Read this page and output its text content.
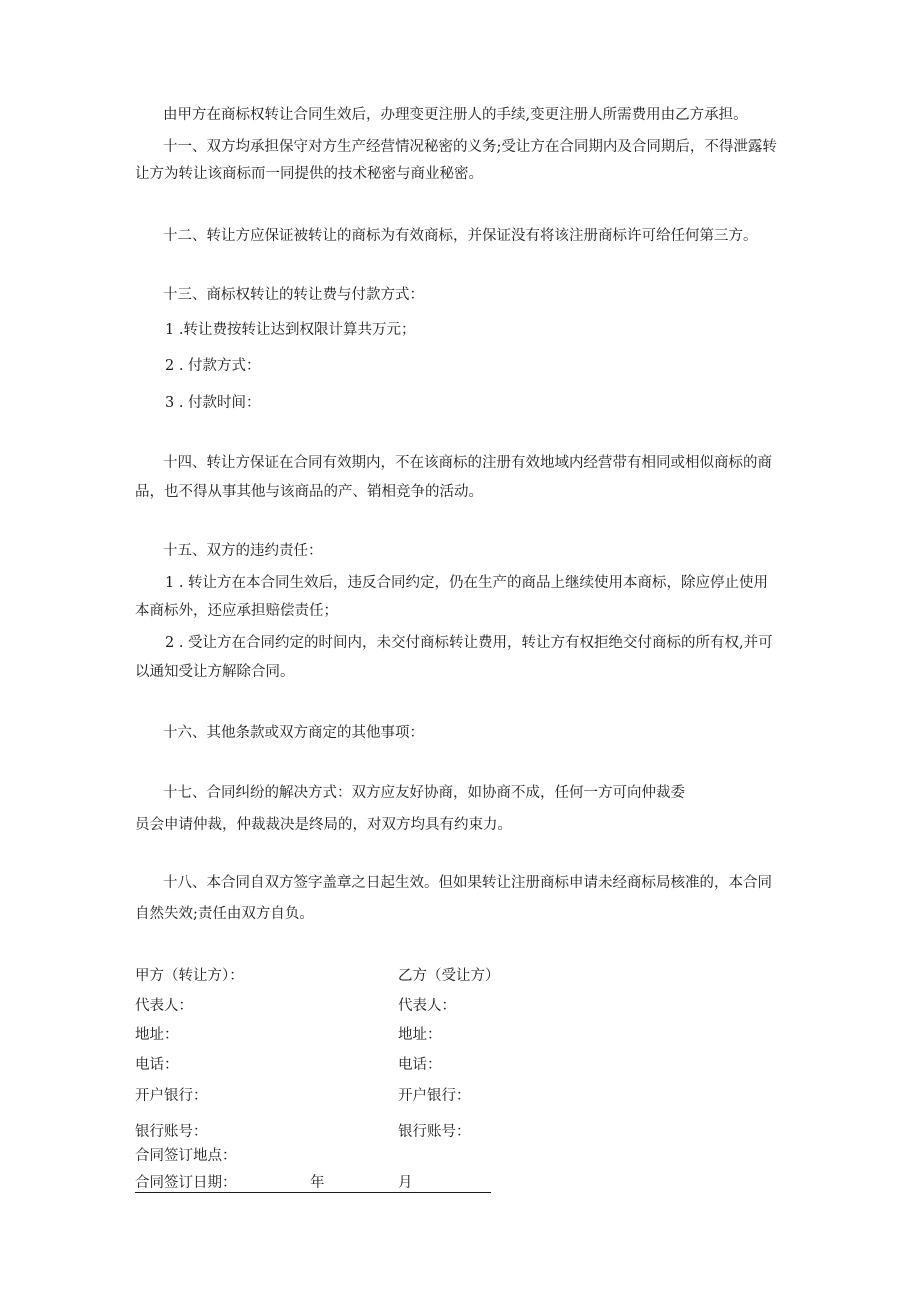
由甲方在商标权转让合同生效后，办理变更注册人的手续,变更注册人所需费用由乙方承担。
十一、双方均承担保守对方生产经营情况秘密的义务;受让方在合同期内及合同期后，不得泄露转
让方为转让该商标而一同提供的技术秘密与商业秘密。
十二、转让方应保证被转让的商标为有效商标，并保证没有将该注册商标许可给任何第三方。
十三、商标权转让的转让费与付款方式：
1 .转让费按转让达到权限计算共万元；
2 . 付款方式：
3 . 付款时间：
十四、转让方保证在合同有效期内，不在该商标的注册有效地域内经营带有相同或相似商标的商
品，也不得从事其他与该商品的产、销相竞争的活动。
十五、双方的违约责任：
1 . 转让方在本合同生效后，违反合同约定，仍在生产的商品上继续使用本商标，除应停止使用
本商标外，还应承担赔偿责任；
2 . 受让方在合同约定的时间内，未交付商标转让费用，转让方有权拒绝交付商标的所有权,并可
以通知受让方解除合同。
十六、其他条款或双方商定的其他事项：
十七、合同纠纷的解决方式：双方应友好协商，如协商不成，任何一方可向仲裁委
员会申请仲裁，仲裁裁决是终局的，对双方均具有约束力。
十八、本合同自双方签字盖章之日起生效。但如果转让注册商标申请未经商标局核准的，本合同
自然失效;责任由双方自负。
甲方（转让方）：	乙方（受让方）
代表人：	代表人：
地址：	地址：
电话：	电话：
开户银行：	开户银行：
银行账号：	银行账号：
合同签订地点：
合同签订日期：	年	月
